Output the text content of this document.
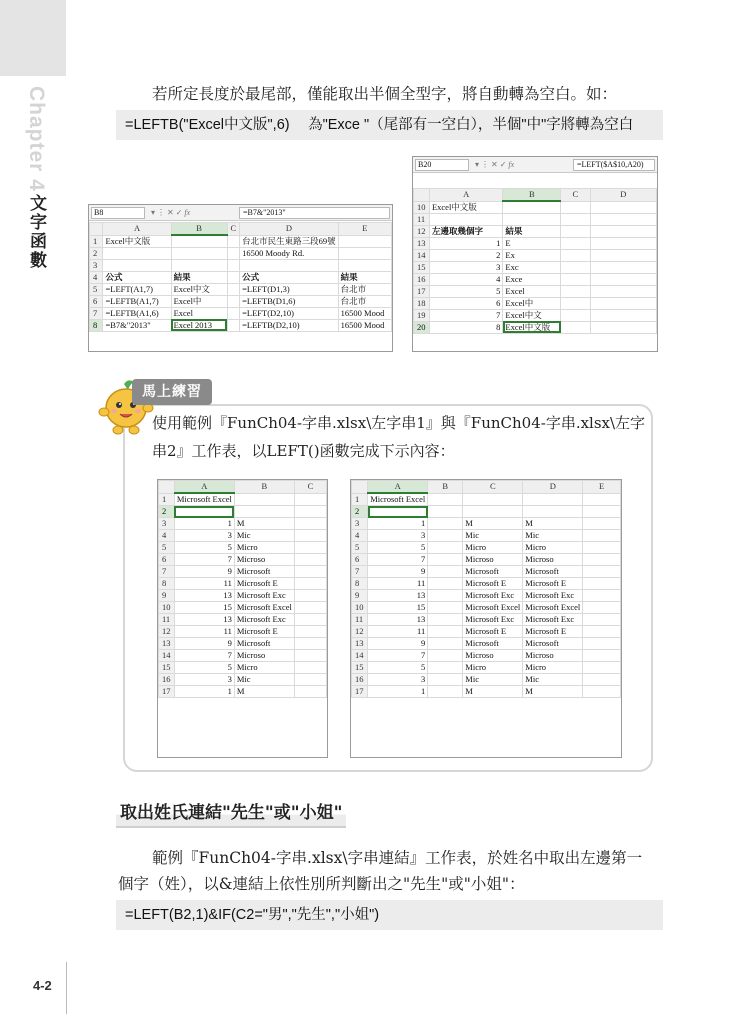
Chapter 4
文字函數
4-2
若所定長度於最尾部，僅能取出半個全型字，將自動轉為空白。如：
=LEFTB("Excel中文版",6)　 為"Exce "（尾部有一空白），半個"中"字將轉為空白
B8	▾ ⋮ ✕ ✓ fx	=B7&"2013"
	A	B	C	D	E
1	Excel中文版			台北市民生東路三段69號	
2				16500 Moody Rd.	
3					
4	公式	結果		公式	結果
5	=LEFT(A1,7)	Excel中文		=LEFT(D1,3)	台北市
6	=LEFTB(A1,7)	Excel中		=LEFTB(D1,6)	台北市
7	=LEFTB(A1,6)	Excel		=LEFT(D2,10)	16500 Mood
8	=B7&"2013"	Excel 2013		=LEFTB(D2,10)	16500 Mood
B20	▾ ⋮ ✕ ✓ fx	=LEFT($A$10,A20)
	A	B	C	D
10	Excel中文版			
11				
12	左邊取幾個字	結果		
13	1	E		
14	2	Ex		
15	3	Exc		
16	4	Exce		
17	5	Excel		
18	6	Excel中		
19	7	Excel中文		
20	8	Excel中文版		
馬上練習
使用範例『FunCh04-字串.xlsx\左字串1』與『FunCh04-字串.xlsx\左字
串2』工作表，以LEFT()函數完成下示內容：
	A	B	C
1	Microsoft Excel		
2			
3	1	M	
4	3	Mic	
5	5	Micro	
6	7	Microso	
7	9	Microsoft	
8	11	Microsoft E	
9	13	Microsoft Exc	
10	15	Microsoft Excel	
11	13	Microsoft Exc	
12	11	Microsoft E	
13	9	Microsoft	
14	7	Microso	
15	5	Micro	
16	3	Mic	
17	1	M	
	A	B	C	D	E
1	Microsoft Excel				
2					
3	1		M	M	
4	3		Mic	Mic	
5	5		Micro	Micro	
6	7		Microso	Microso	
7	9		Microsoft	Microsoft	
8	11		Microsoft E	Microsoft E	
9	13		Microsoft Exc	Microsoft Exc	
10	15		Microsoft Excel	Microsoft Excel	
11	13		Microsoft Exc	Microsoft Exc	
12	11		Microsoft E	Microsoft E	
13	9		Microsoft	Microsoft	
14	7		Microso	Microso	
15	5		Micro	Micro	
16	3		Mic	Mic	
17	1		M	M	
取出姓氏連結"先生"或"小姐"
範例『FunCh04-字串.xlsx\字串連結』工作表，於姓名中取出左邊第一
個字（姓），以&連結上依性別所判斷出之"先生"或"小姐"：
=LEFT(B2,1)&IF(C2="男","先生","小姐")
